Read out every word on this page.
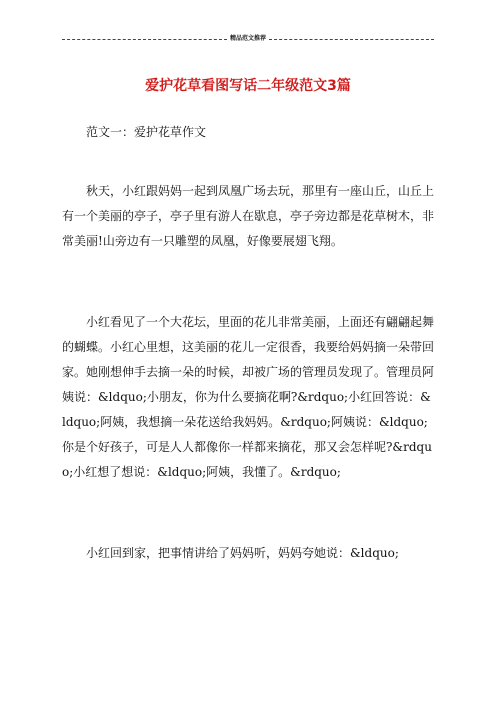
精品范文推荐
爱护花草看图写话二年级范文3篇

范文一：爱护花草作文

秋天，小红跟妈妈一起到凤凰广场去玩，那里有一座山丘，山丘上有一个美丽的亭子，亭子里有游人在歇息，亭子旁边都是花草树木，非常美丽!山旁边有一只雕塑的凤凰，好像要展翅飞翔。

小红看见了一个大花坛，里面的花儿非常美丽，上面还有翩翩起舞的蝴蝶。小红心里想，这美丽的花儿一定很香，我要给妈妈摘一朵带回家。她刚想伸手去摘一朵的时候，却被广场的管理员发现了。管理员阿姨说：&ldquo;小朋友，你为什么要摘花啊?&rdquo;小红回答说：&ldquo;阿姨，我想摘一朵花送给我妈妈。&rdquo;阿姨说：&ldquo;你是个好孩子，可是人人都像你一样都来摘花，那又会怎样呢?&rdquo;小红想了想说：&ldquo;阿姨，我懂了。&rdquo;

小红回到家，把事情讲给了妈妈听，妈妈夸她说：&ldquo;
